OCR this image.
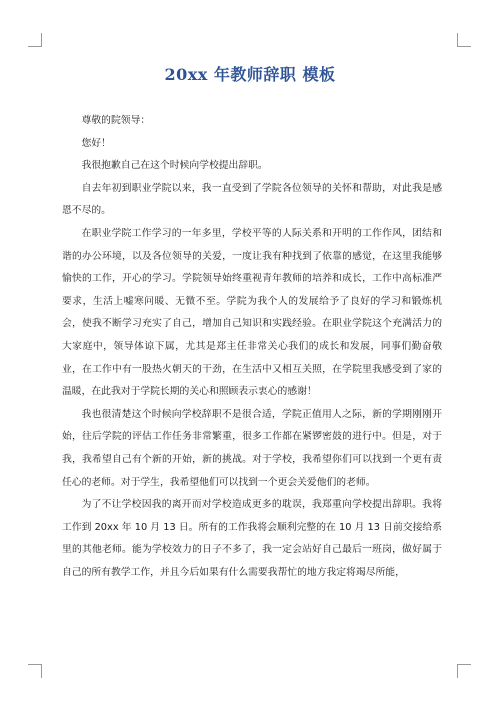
20xx 年教师辞职 模板

尊敬的院领导：

您好！

我很抱歉自己在这个时候向学校提出辞职。

自去年初到职业学院以来，我一直受到了学院各位领导的关怀和帮助，对此我是感恩不尽的。

在职业学院工作学习的一年多里，学校平等的人际关系和开明的工作作风，团结和谐的办公环境，以及各位领导的关爱，一度让我有种找到了依靠的感觉，在这里我能够愉快的工作，开心的学习。学院领导始终重视青年教师的培养和成长，工作中高标准严要求，生活上嘘寒问暖、无微不至。学院为我个人的发展给予了良好的学习和锻炼机会，使我不断学习充实了自己，增加自己知识和实践经验。在职业学院这个充满活力的大家庭中，领导体谅下属，尤其是郑主任非常关心我们的成长和发展，同事们勤奋敬业，在工作中有一股热火朝天的干劲，在生活中又相互关照，在学院里我感受到了家的温暖，在此我对于学院长期的关心和照顾表示衷心的感谢！

我也很清楚这个时候向学校辞职不是很合适，学院正值用人之际，新的学期刚刚开始，往后学院的评估工作任务非常繁重，很多工作都在紧锣密鼓的进行中。但是，对于我，我希望自己有个新的开始，新的挑战。对于学校，我希望你们可以找到一个更有责任心的老师。对于学生，我希望他们可以找到一个更会关爱他们的老师。

为了不让学校因我的离开而对学校造成更多的耽误，我郑重向学校提出辞职。我将工作到 20xx 年 10 月 13 日。所有的工作我将会顺利完整的在 10 月 13 日前交接给系里的其他老师。能为学校效力的日子不多了，我一定会站好自己最后一班岗，做好属于自己的所有教学工作，并且今后如果有什么需要我帮忙的地方我定将竭尽所能，
